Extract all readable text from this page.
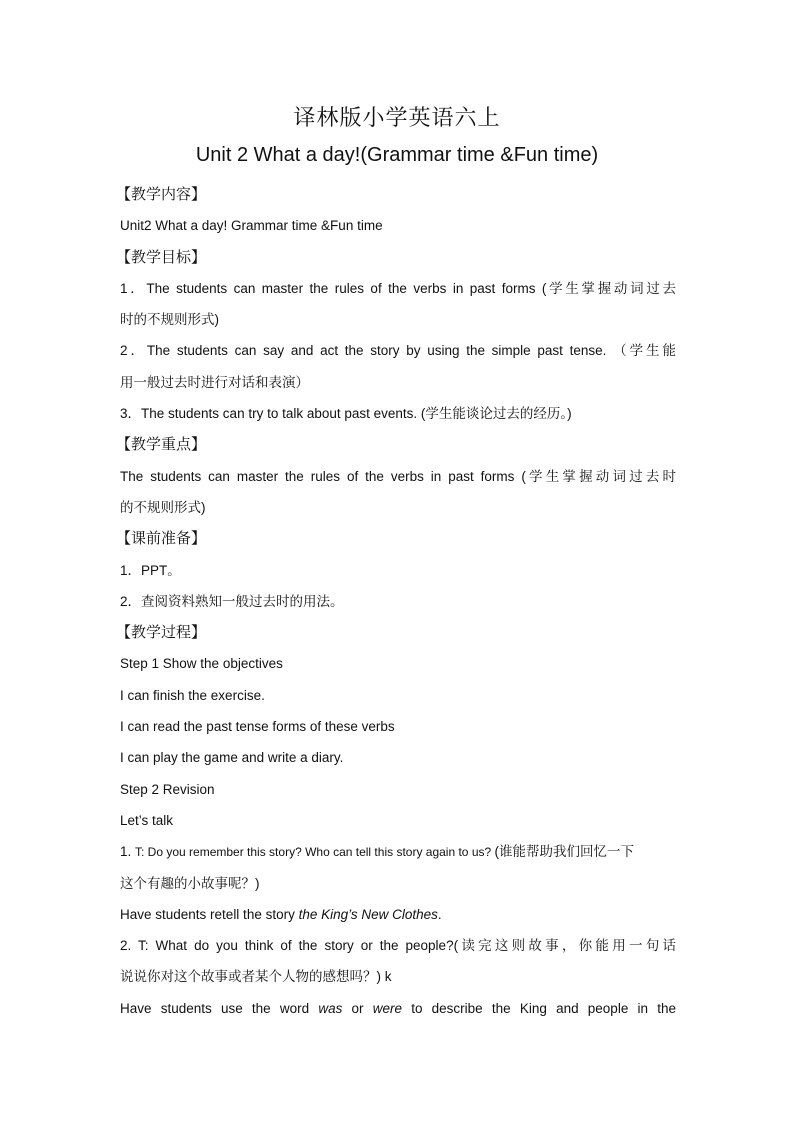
译林版小学英语六上
Unit 2 What a day!(Grammar time &Fun time)
【教学内容】
Unit2 What a day! Grammar time &Fun time
【教学目标】
1．The students can master the rules of the verbs in past forms (学生掌握动词过去
时的不规则形式)
2．The students can say and act the story by using the simple past tense. （学生能
用一般过去时进行对话和表演）
3．The students can try to talk about past events. (学生能谈论过去的经历。)
【教学重点】
The students can master the rules of the verbs in past forms (学生掌握动词过去时
的不规则形式)
【课前准备】
1．PPT。
2．查阅资料熟知一般过去时的用法。
【教学过程】
Step 1 Show the objectives
I can finish the exercise.
I can read the past tense forms of these verbs
I can play the game and write a diary.
Step 2 Revision
Let’s talk
1. T: Do you remember this story? Who can tell this story again to us? (谁能帮助我们回忆一下
这个有趣的小故事呢？)
Have students retell the story the King’s New Clothes.
2. T: What do you think of the story or the people?(读完这则故事，你能用一句话
说说你对这个故事或者某个人物的感想吗？) k
Have students use the word was or were to describe the King and people in the
